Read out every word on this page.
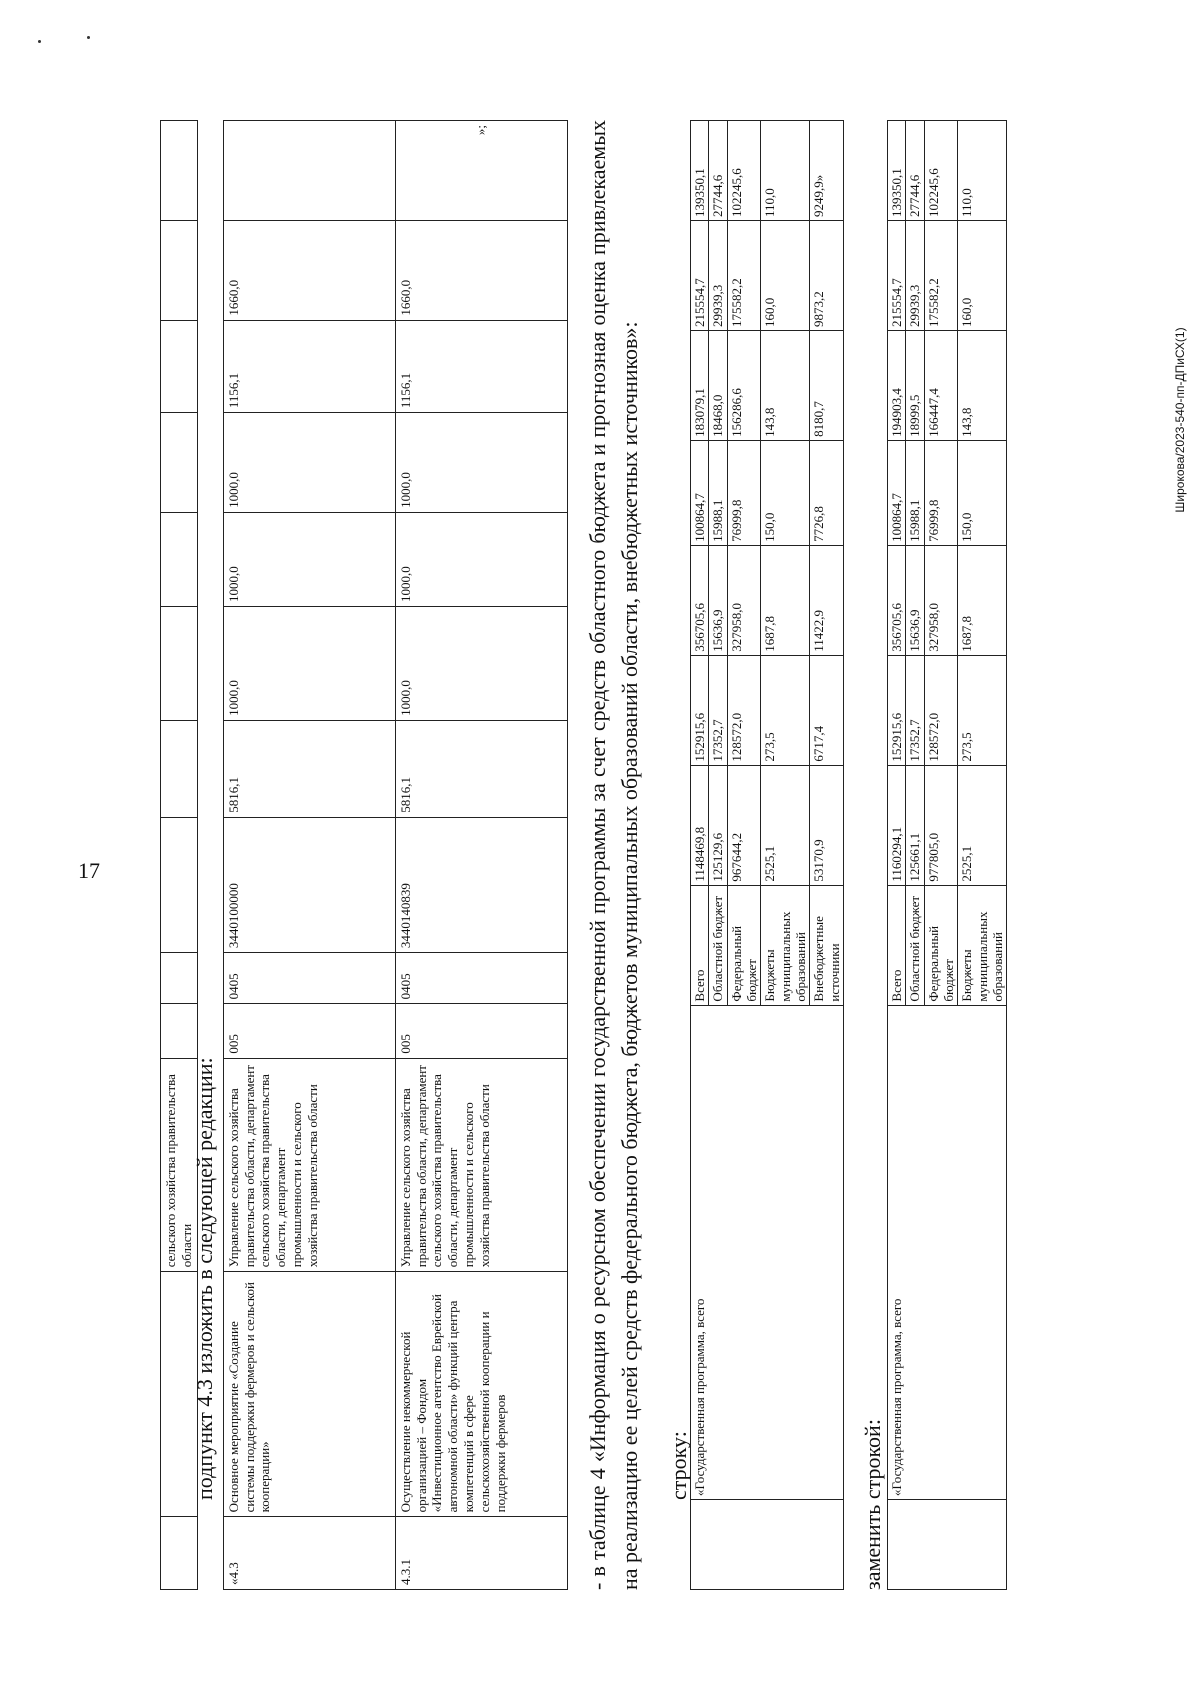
17
Широкова/2023-540-пп-ДПиСХ(1)
		сельского хозяйства правительства области										

«4.3	Основное мероприятие «Создание системы поддержки фермеров и сельской кооперации»	Управление сельского хозяйства правительства области, департамент сельского хозяйства правительства области, департамент промышленности и сельского хозяйства правительства области	005	0405	3440100000	5816,1	1000,0	1000,0	1000,0	1156,1	1660,0	
4.3.1	Осуществление некоммерческой организацией – Фондом «Инвестиционное агентство Еврейской автономной области» функций центра компетенций в сфере сельскохозяйственной кооперации и поддержки фермеров	Управление сельского хозяйства правительства области, департамент сельского хозяйства правительства области, департамент промышленности и сельского хозяйства правительства области	005	0405	3440140839	5816,1	1000,0	1000,0	1000,0	1156,1	1660,0	»;
подпункт 4.3 изложить в следующей редакции:	- в таблице 4 «Информация о ресурсном обеспечении государственной программы за счет средств областного бюджета и прогнозная оценка привлекаемых на реализацию ее целей средств федерального бюджета, бюджетов муниципальных образований области, внебюджетных источников»: строку:
	«Государственная программа, всего	Всего	1148469,8	152915,6	356705,6	100864,7	183079,1	215554,7	139350,1
		Областной бюджет	125129,6	17352,7	15636,9	15988,1	18468,0	29939,3	27744,6
		Федеральный бюджет	967644,2	128572,0	327958,0	76999,8	156286,6	175582,2	102245,6
		Бюджеты муниципальных образований	2525,1	273,5	1687,8	150,0	143,8	160,0	110,0
		Внебюджетные источники	53170,9	6717,4	11422,9	7726,8	8180,7	9873,2	9249,9»
заменить строкой:
	«Государственная программа, всего	Всего	1160294,1	152915,6	356705,6	100864,7	194903,4	215554,7	139350,1
		Областной бюджет	125661,1	17352,7	15636,9	15988,1	18999,5	29939,3	27744,6
		Федеральный бюджет	977805,0	128572,0	327958,0	76999,8	166447,4	175582,2	102245,6
		Бюджеты муниципальных образований	2525,1	273,5	1687,8	150,0	143,8	160,0	110,0
